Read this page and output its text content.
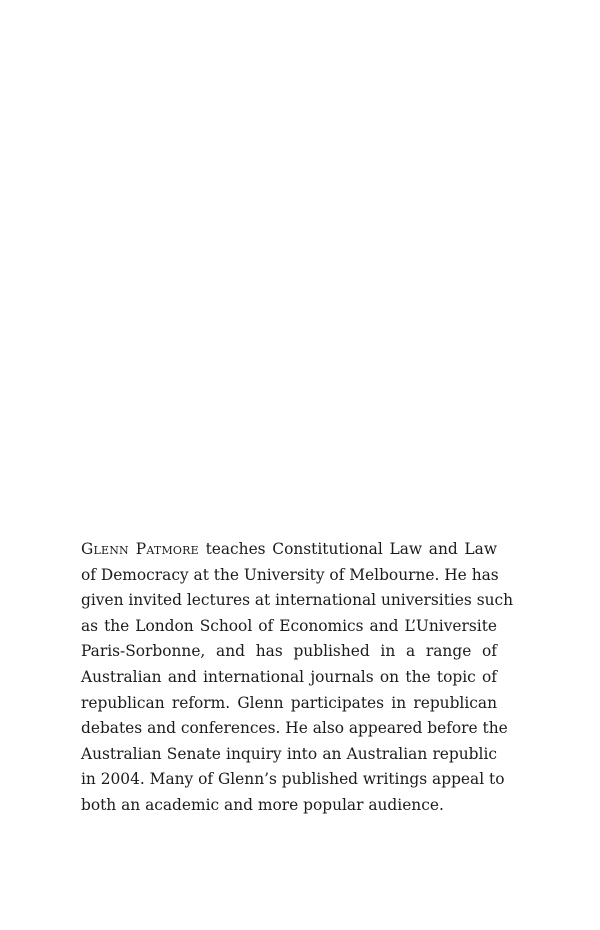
Glenn Patmore teaches Constitutional Law and Law
of Democracy at the University of Melbourne. He has
given invited lectures at international universities such
as the London School of Economics and L’Universite
Paris-Sorbonne, and has published in a range of
Australian and international journals on the topic of
republican reform. Glenn participates in republican
debates and conferences. He also appeared before the
Australian Senate inquiry into an Australian republic
in 2004. Many of Glenn’s published writings appeal to
both an academic and more popular audience.
